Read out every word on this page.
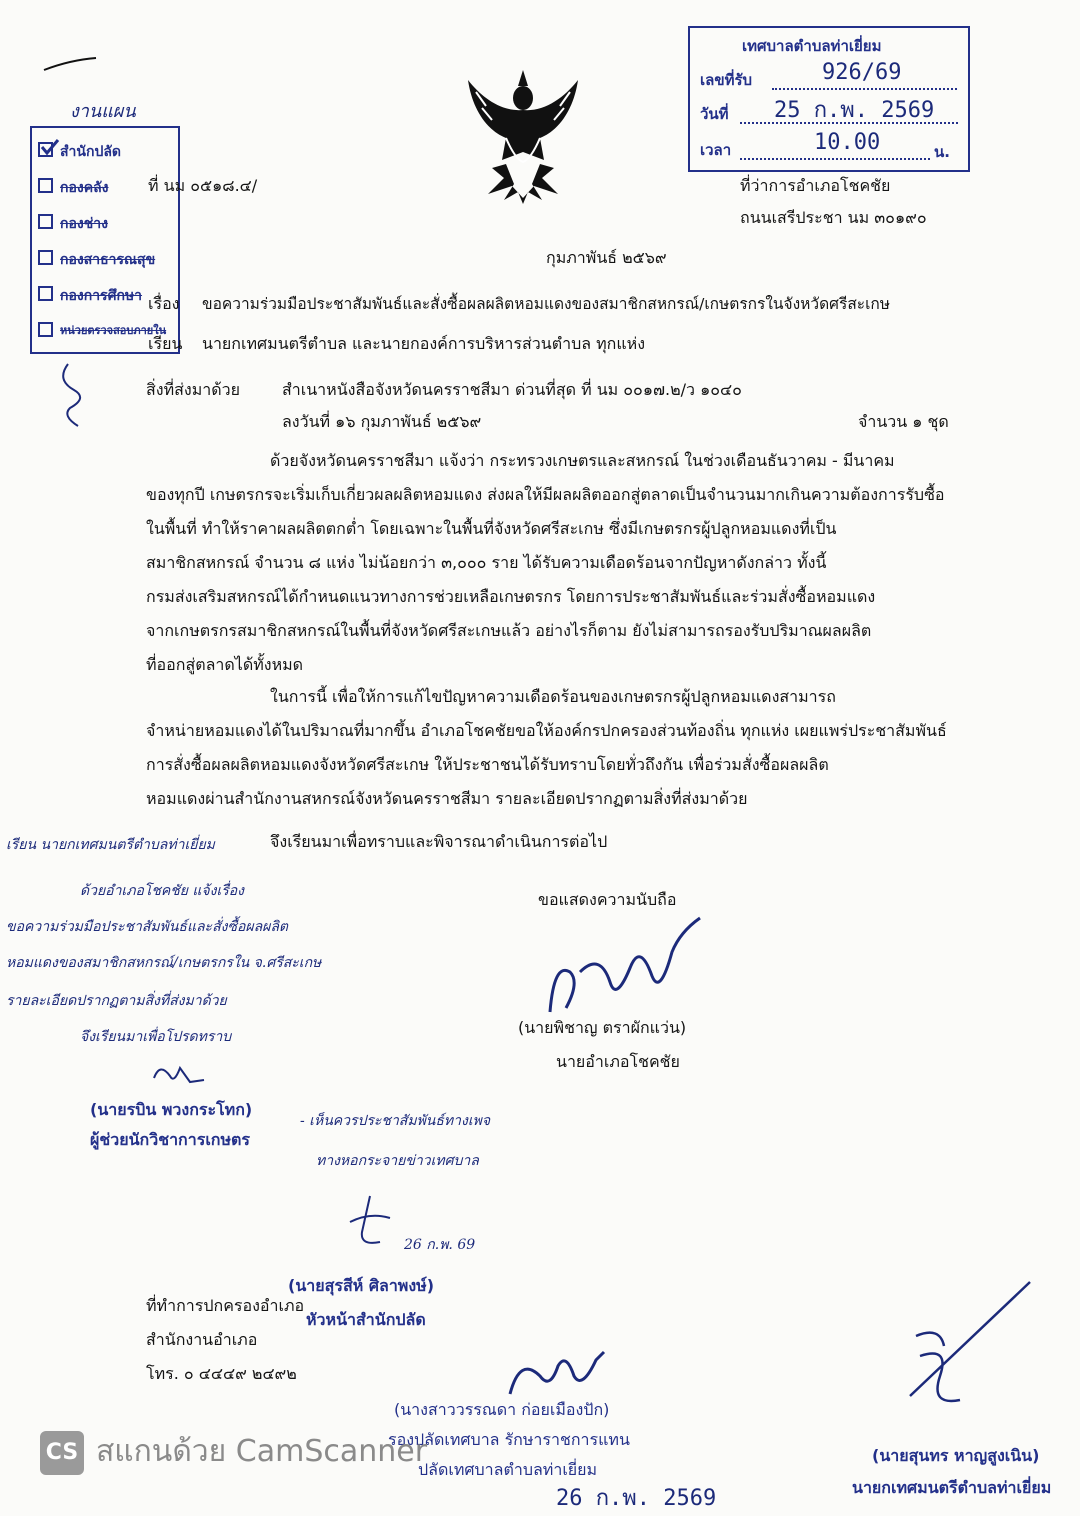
เทศบาลตำบลท่าเยี่ยม
เลขที่รับ	926/69
วันที่ 25 ก.พ. 2569
เวลา	10.00	น.
งานแผน
สำนักปลัด
กองคลัง
กองช่าง
กองสาธารณสุข
กองการศึกษา
หน่วยตรวจสอบภายใน
ที่ นม ๐๕๑๘.๔/	ที่ว่าการอำเภอโชคชัย
ถนนเสรีประชา นม ๓๐๑๙๐
กุมภาพันธ์ ๒๕๖๙
เรื่อง ขอความร่วมมือประชาสัมพันธ์และสั่งซื้อผลผลิตหอมแดงของสมาชิกสหกรณ์/เกษตรกรในจังหวัดศรีสะเกษ
เรียน นายกเทศมนตรีตำบล และนายกองค์การบริหารส่วนตำบล ทุกแห่ง
สิ่งที่ส่งมาด้วย	สำเนาหนังสือจังหวัดนครราชสีมา ด่วนที่สุด ที่ นม ๐๐๑๗.๒/ว ๑๐๔๐
ลงวันที่ ๑๖ กุมภาพันธ์ ๒๕๖๙	จำนวน ๑ ชุด
ด้วยจังหวัดนครราชสีมา แจ้งว่า กระทรวงเกษตรและสหกรณ์ ในช่วงเดือนธันวาคม - มีนาคม
ของทุกปี เกษตรกรจะเริ่มเก็บเกี่ยวผลผลิตหอมแดง ส่งผลให้มีผลผลิตออกสู่ตลาดเป็นจำนวนมากเกินความต้องการรับซื้อ
ในพื้นที่ ทำให้ราคาผลผลิตตกต่ำ โดยเฉพาะในพื้นที่จังหวัดศรีสะเกษ ซึ่งมีเกษตรกรผู้ปลูกหอมแดงที่เป็น
สมาชิกสหกรณ์ จำนวน ๘ แห่ง ไม่น้อยกว่า ๓,๐๐๐ ราย ได้รับความเดือดร้อนจากปัญหาดังกล่าว ทั้งนี้
กรมส่งเสริมสหกรณ์ได้กำหนดแนวทางการช่วยเหลือเกษตรกร โดยการประชาสัมพันธ์และร่วมสั่งซื้อหอมแดง
จากเกษตรกรสมาชิกสหกรณ์ในพื้นที่จังหวัดศรีสะเกษแล้ว อย่างไรก็ตาม ยังไม่สามารถรองรับปริมาณผลผลิต
ที่ออกสู่ตลาดได้ทั้งหมด
ในการนี้ เพื่อให้การแก้ไขปัญหาความเดือดร้อนของเกษตรกรผู้ปลูกหอมแดงสามารถ
จำหน่ายหอมแดงได้ในปริมาณที่มากขึ้น อำเภอโชคชัยขอให้องค์กรปกครองส่วนท้องถิ่น ทุกแห่ง เผยแพร่ประชาสัมพันธ์
การสั่งซื้อผลผลิตหอมแดงจังหวัดศรีสะเกษ ให้ประชาชนได้รับทราบโดยทั่วถึงกัน เพื่อร่วมสั่งซื้อผลผลิต
หอมแดงผ่านสำนักงานสหกรณ์จังหวัดนครราชสีมา รายละเอียดปรากฏตามสิ่งที่ส่งมาด้วย
จึงเรียนมาเพื่อทราบและพิจารณาดำเนินการต่อไป
ขอแสดงความนับถือ
(นายพิชาญ ตราผักแว่น)
นายอำเภอโชคชัย
เรียน นายกเทศมนตรีตำบลท่าเยี่ยม
ด้วยอำเภอโชคชัย แจ้งเรื่อง
ขอความร่วมมือประชาสัมพันธ์และสั่งซื้อผลผลิต
หอมแดงของสมาชิกสหกรณ์/เกษตรกรใน จ.ศรีสะเกษ
รายละเอียดปรากฏตามสิ่งที่ส่งมาด้วย
จึงเรียนมาเพื่อโปรดทราบ
(นายรบิน พวงกระโทก)
ผู้ช่วยนักวิชาการเกษตร
- เห็นควรประชาสัมพันธ์ทางเพจ
ทางหอกระจายข่าวเทศบาล
26 ก.พ. 69
(นายสุรสีห์ ศิลาพงษ์)
หัวหน้าสำนักปลัด
ที่ทำการปกครองอำเภอ
สำนักงานอำเภอ
โทร. ๐ ๔๔๔๙ ๒๔๙๒
(นางสาววรรณดา ก่อยเมืองปัก)
รองปลัดเทศบาล รักษาราชการแทน
ปลัดเทศบาลตำบลท่าเยี่ยม
26 ก.พ. 2569
(นายสุนทร หาญสูงเนิน)
นายกเทศมนตรีตำบลท่าเยี่ยม
CS สแกนด้วย CamScanner
